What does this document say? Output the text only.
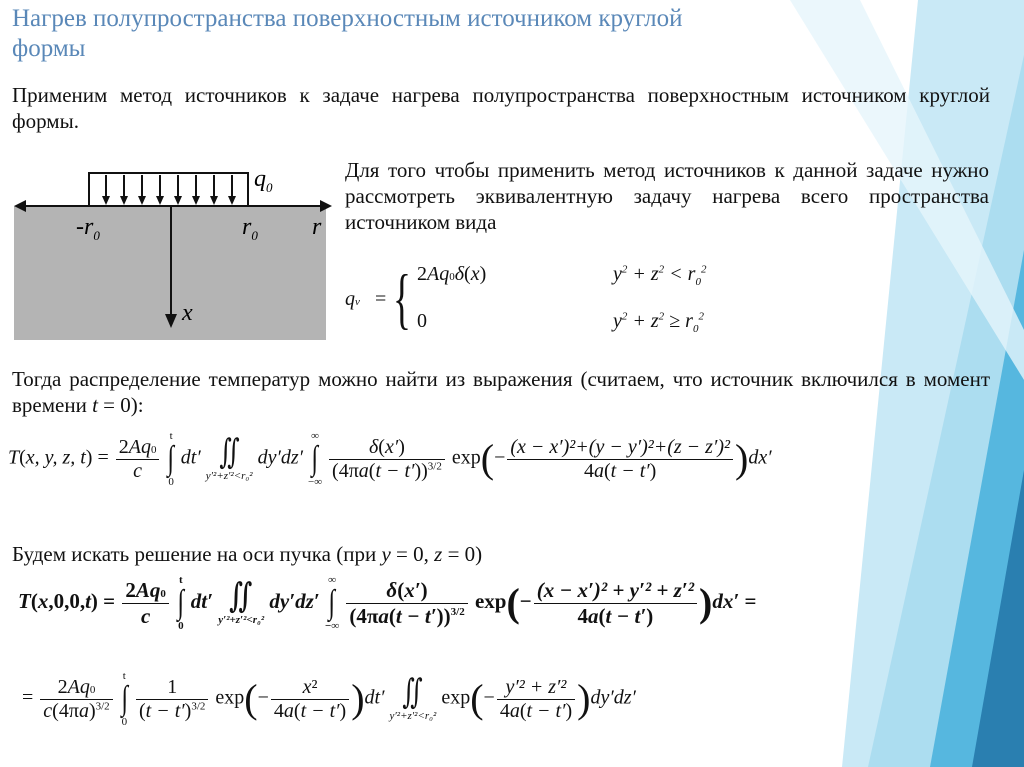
Нагрев полупространства поверхностным источником круглой формы
Применим метод источников к задаче нагрева полупространства поверхностным источником круглой формы.
$q_0$
$-r_0$	$r_0$ r
x
Для того чтобы применить метод источников к данной задаче нужно рассмотреть эквивалентную задачу нагрева всего пространства источником вида
qv = { 2Aq0δ(x)
0
$y^2 + z^2 < r_0^2$
$y^2 + z^2 \ge r_0^2$
Тогда распределение температур можно найти из выражения (считаем, что источник включился в момент времени t = 0):
T(x, y, z, $t) = \frac{2Aq0}{c}$ t
∫
0 dt′ ∬
y′²+z′²<r₀² dy′dz′ ∞
∫
−∞ $\frac{\delta(x')}{(4\pi a(t - t'))^{3/2}} \exp(- \frac{\text{(x − x′)²+(y − y′)²+(z − z′)²}}{4a(t - t')} )dx'$
Будем искать решение на оси пучка (при y = 0, z = 0)
$T(x,0,0,t) = \frac{2Aq0}{c}$ t
∫
0 dt′ ∬
y′²+z′²<r₀² dy′dz′ ∞
∫
−∞ $\frac{\delta(x')}{(4\pi a(t - t'))^{3/2}} \exp(- \frac{\text{(x − x′)² + y′² + z′²}}{4a(t - t')} )dx'$ =
= $\frac{2Aq0}{c(4\pi a)^{3/2}}$ t
∫
$0 \frac{1}{(t - t')^{3/2}} \exp(- \frac{\text{x²}}{4a(t - t')} )dt'$ ∬
y′²+z′²<r₀² $\exp(- \frac{\text{y′² + z′²}}{4a(t - t')} )dy'dz'$
